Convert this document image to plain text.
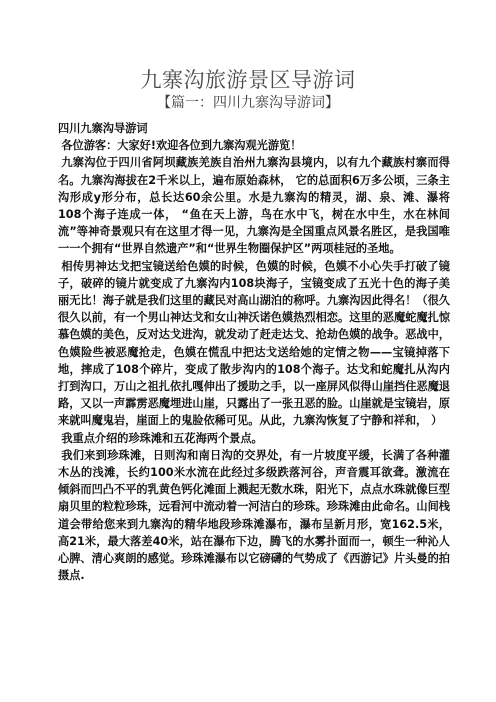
九寨沟旅游景区导游词
【篇一：四川九寨沟导游词】

四川九寨沟导游词

各位游客：大家好!欢迎各位到九寨沟观光游览！

九寨沟位于四川省阿坝藏族羌族自治州九寨沟县境内，以有九个藏族村寨而得名。九寨沟海拔在2千米以上，遍布原始森林， 它的总面积6万多公顷，三条主沟形成y形分布，总长达60余公里。水是九寨沟的精灵，湖、泉、滩、瀑将108个海子连成一体， “鱼在天上游，鸟在水中飞，树在水中生，水在林间流”等神奇景观只有在这里才得一见，九寨沟是全国重点风景名胜区，是我国唯一一个拥有“世界自然遗产”和“世界生物圈保护区”两项桂冠的圣地。

相传男神达戈把宝镜送给色嫫的时候，色嫫的时候，色嫫不小心失手打破了镜子，破碎的镜片就变成了九寨沟内108块海子，宝镜变成了五光十色的海子美丽无比！海子就是我们这里的藏民对高山湖泊的称呼。九寨沟因此得名！（很久很久以前，有一个男山神达戈和女山神沃诺色嫫热烈相恋。这里的恶魔蛇魔扎惊慕色嫫的美色，反对达戈进沟，就发动了赶走达戈、抢劫色嫫的战争。恶战中，色嫫险些被恶魔抢走，色嫫在慌乱中把达戈送给她的定情之物——宝镜掉落下地，摔成了108个碎片，变成了散步沟内的108个海子。达戈和蛇魔扎从沟内打到沟口，万山之祖扎依扎嘎伸出了援助之手，以一座屏风似得山崖挡住恶魔退路，又以一声霹雳恶魔埋进山崖，只露出了一张丑恶的脸。山崖就是宝镜岩，原来就叫魔鬼岩，崖面上的鬼脸依稀可见。从此，九寨沟恢复了宁静和祥和， ）

我重点介绍的珍珠滩和五花海两个景点。

我们来到珍珠滩，日则沟和南日沟的交界处，有一片坡度平缓，长满了各种灌木丛的浅滩，长约100米水流在此经过多级跌落河谷，声音震耳欲聋。激流在倾斜而凹凸不平的乳黄色钙化滩面上溅起无数水珠，阳光下，点点水珠就像巨型扇贝里的粒粒珍珠，远看河中流动着一河洁白的珍珠。珍珠滩由此命名。山间栈道会带给您来到九寨沟的精华地段珍珠滩瀑布，瀑布呈新月形，宽162.5米，高21米，最大落差40米，站在瀑布下边，腾飞的水雾扑面而一，顿生一种沁人心脾、清心爽朗的感觉。珍珠滩瀑布以它磅礴的气势成了《西游记》片头曼的拍摄点.
